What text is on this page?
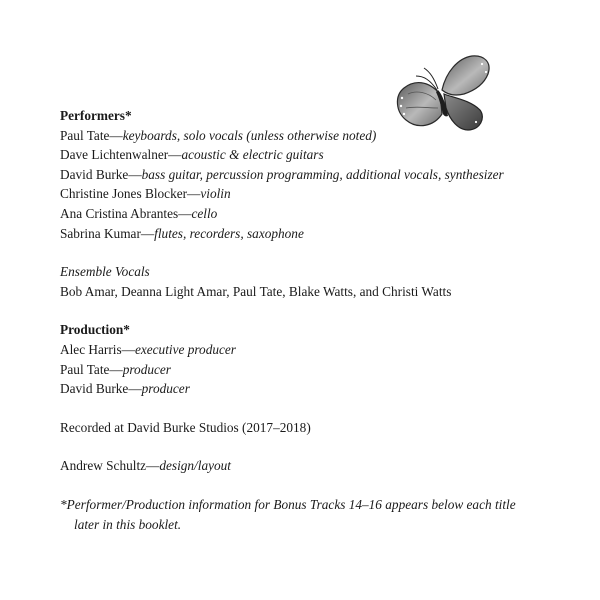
Performers*
Paul Tate—keyboards, solo vocals (unless otherwise noted)
Dave Lichtenwalner—acoustic & electric guitars
David Burke—bass guitar, percussion programming, additional vocals, synthesizer
Christine Jones Blocker—violin
Ana Cristina Abrantes—cello
Sabrina Kumar—flutes, recorders, saxophone
Ensemble Vocals
Bob Amar, Deanna Light Amar, Paul Tate, Blake Watts, and Christi Watts
Production*
Alec Harris—executive producer
Paul Tate—producer
David Burke—producer
Recorded at David Burke Studios (2017–2018)
Andrew Schultz—design/layout
*Performer/Production information for Bonus Tracks 14–16 appears below each title later in this booklet.
